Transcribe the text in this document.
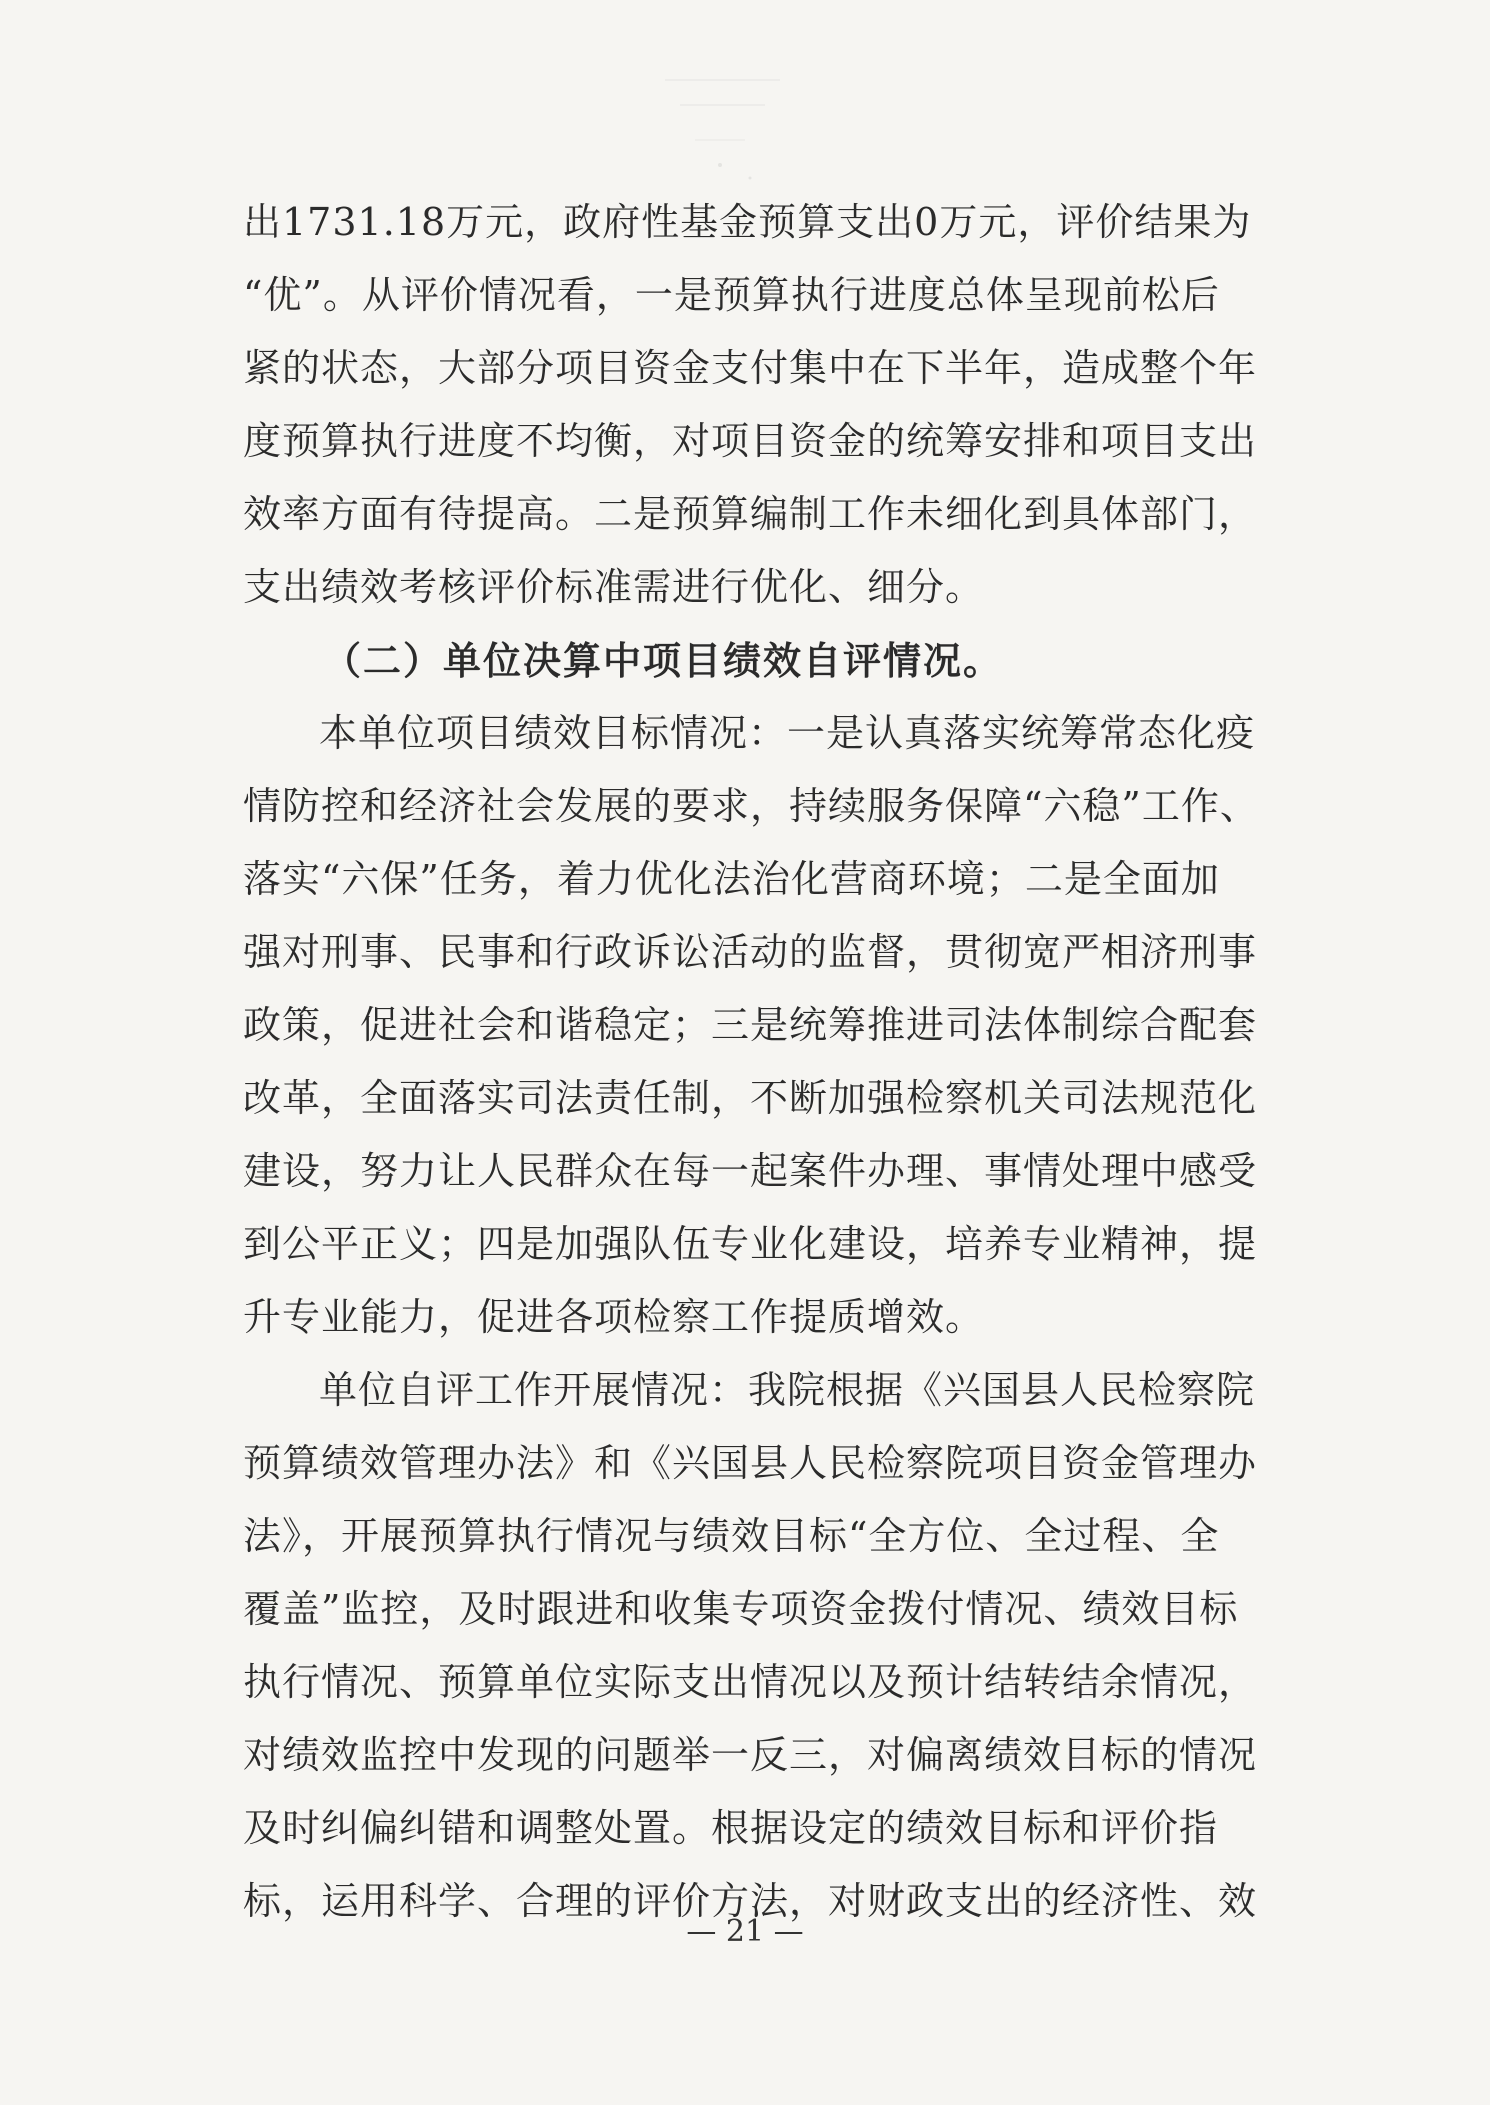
出1731.18万元，政府性基金预算支出0万元，评价结果为
“优”。从评价情况看，一是预算执行进度总体呈现前松后
紧的状态，大部分项目资金支付集中在下半年，造成整个年
度预算执行进度不均衡，对项目资金的统筹安排和项目支出
效率方面有待提高。二是预算编制工作未细化到具体部门，
支出绩效考核评价标准需进行优化、细分。
（二）单位决算中项目绩效自评情况。
本单位项目绩效目标情况：一是认真落实统筹常态化疫
情防控和经济社会发展的要求，持续服务保障“六稳”工作、
落实“六保”任务，着力优化法治化营商环境；二是全面加
强对刑事、民事和行政诉讼活动的监督，贯彻宽严相济刑事
政策，促进社会和谐稳定；三是统筹推进司法体制综合配套
改革，全面落实司法责任制，不断加强检察机关司法规范化
建设，努力让人民群众在每一起案件办理、事情处理中感受
到公平正义；四是加强队伍专业化建设，培养专业精神，提
升专业能力，促进各项检察工作提质增效。
单位自评工作开展情况：我院根据《兴国县人民检察院
预算绩效管理办法》和《兴国县人民检察院项目资金管理办
法》，开展预算执行情况与绩效目标“全方位、全过程、全
覆盖”监控，及时跟进和收集专项资金拨付情况、绩效目标
执行情况、预算单位实际支出情况以及预计结转结余情况，
对绩效监控中发现的问题举一反三，对偏离绩效目标的情况
及时纠偏纠错和调整处置。根据设定的绩效目标和评价指
标，运用科学、合理的评价方法，对财政支出的经济性、效
— 21 —
